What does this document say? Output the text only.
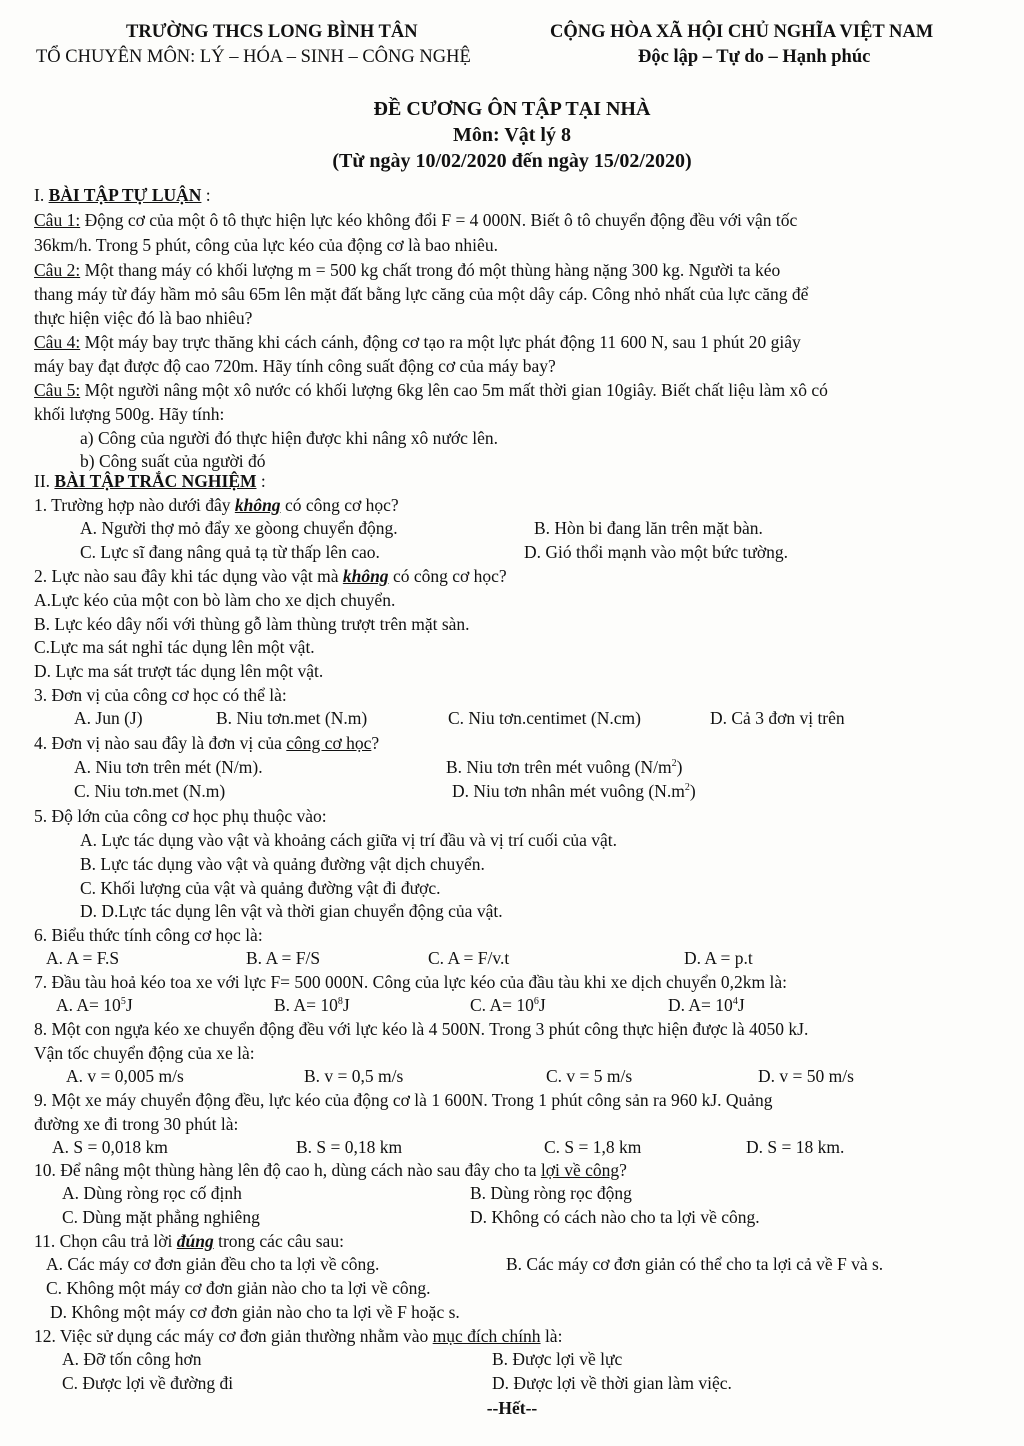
TRƯỜNG THCS LONG BÌNH TÂN
TỔ CHUYÊN MÔN: LÝ – HÓA – SINH – CÔNG NGHỆ
CỘNG HÒA XÃ HỘI CHỦ NGHĨA VIỆT NAM
Độc lập – Tự do – Hạnh phúc
ĐỀ CƯƠNG ÔN TẬP TẠI NHÀ
Môn: Vật lý 8
(Từ ngày 10/02/2020 đến ngày 15/02/2020)
I. BÀI TẬP TỰ LUẬN :
Câu 1: Động cơ của một ô tô thực hiện lực kéo không đổi F = 4 000N. Biết ô tô chuyển động đều với vận tốc
36km/h. Trong 5 phút, công của lực kéo của động cơ là bao nhiêu.
Câu 2: Một thang máy có khối lượng m = 500 kg chất trong đó một thùng hàng nặng 300 kg. Người ta kéo
thang máy từ đáy hầm mỏ sâu 65m lên mặt đất bằng lực căng của một dây cáp. Công nhỏ nhất của lực căng để
thực hiện việc đó là bao nhiêu?
Câu 4: Một máy bay trực thăng khi cách cánh, động cơ tạo ra một lực phát động 11 600 N, sau 1 phút 20 giây
máy bay đạt được độ cao 720m. Hãy tính công suất động cơ của máy bay?
Câu 5: Một người nâng một xô nước có khối lượng 6kg lên cao 5m mất thời gian 10giây. Biết chất liệu làm xô có
khối lượng 500g. Hãy tính:
a) Công của người đó thực hiện được khi nâng xô nước lên.
b) Công suất của người đó
II. BÀI TẬP TRẮC NGHIỆM :
1. Trường hợp nào dưới đây không có công cơ học?
A. Người thợ mỏ đẩy xe gòong chuyển động.	B. Hòn bi đang lăn trên mặt bàn.
C. Lực sĩ đang nâng quả tạ từ thấp lên cao.	D. Gió thổi mạnh vào một bức tường.
2. Lực nào sau đây khi tác dụng vào vật mà không có công cơ học?
A.Lực kéo của một con bò làm cho xe dịch chuyển.
B. Lực kéo dây nối với thùng gỗ làm thùng trượt trên mặt sàn.
C.Lực ma sát nghỉ tác dụng lên một vật.
D. Lực ma sát trượt tác dụng lên một vật.
3. Đơn vị của công cơ học có thể là:
A. Jun (J)	B. Niu tơn.met (N.m)	C. Niu tơn.centimet (N.cm)	D. Cả 3 đơn vị trên
4. Đơn vị nào sau đây là đơn vị của công cơ học?
A. Niu tơn trên mét (N/m).	B. Niu tơn trên mét vuông $(N/m^2)$
C. Niu tơn.met (N.m)	D. Niu tơn nhân mét vuông $(N.m^2)$
5. Độ lớn của công cơ học phụ thuộc vào:
A. Lực tác dụng vào vật và khoảng cách giữa vị trí đầu và vị trí cuối của vật.
B. Lực tác dụng vào vật và quảng đường vật dịch chuyển.
C. Khối lượng của vật và quảng đường vật đi được.
D. D.Lực tác dụng lên vật và thời gian chuyển động của vật.
6. Biểu thức tính công cơ học là:
A. A = F.S	B. A = F/S	C. A = F/v.t	D. A = p.t
7. Đầu tàu hoả kéo toa xe với lực F= 500 000N. Công của lực kéo của đầu tàu khi xe dịch chuyển 0,2km là:
A. $A= 10^5J$	B. $A= 10^8J$	C. $A= 10^6J$	D. $A= 10^4J$
8. Một con ngựa kéo xe chuyển động đều với lực kéo là 4 500N. Trong 3 phút công thực hiện được là 4050 kJ.
Vận tốc chuyển động của xe là:
A. v = 0,005 m/s	B. v = 0,5 m/s	C. v = 5 m/s	D. v = 50 m/s
9. Một xe máy chuyển động đều, lực kéo của động cơ là 1 600N. Trong 1 phút công sản ra 960 kJ. Quảng
đường xe đi trong 30 phút là:
A. S = 0,018 km	B. S = 0,18 km	C. S = 1,8 km	D. S = 18 km.
10. Để nâng một thùng hàng lên độ cao h, dùng cách nào sau đây cho ta lợi về công?
A. Dùng ròng rọc cố định	B. Dùng ròng rọc động
C. Dùng mặt phẳng nghiêng	D. Không có cách nào cho ta lợi về công.
11. Chọn câu trả lời đúng trong các câu sau:
A. Các máy cơ đơn giản đều cho ta lợi về công.	B. Các máy cơ đơn giản có thể cho ta lợi cả về F và s.
C. Không một máy cơ đơn giản nào cho ta lợi về công.
D. Không một máy cơ đơn giản nào cho ta lợi về F hoặc s.
12. Việc sử dụng các máy cơ đơn giản thường nhằm vào mục đích chính là:
A. Đỡ tốn công hơn	B. Được lợi về lực
C. Được lợi về đường đi	D. Được lợi về thời gian làm việc.
--Hết--
